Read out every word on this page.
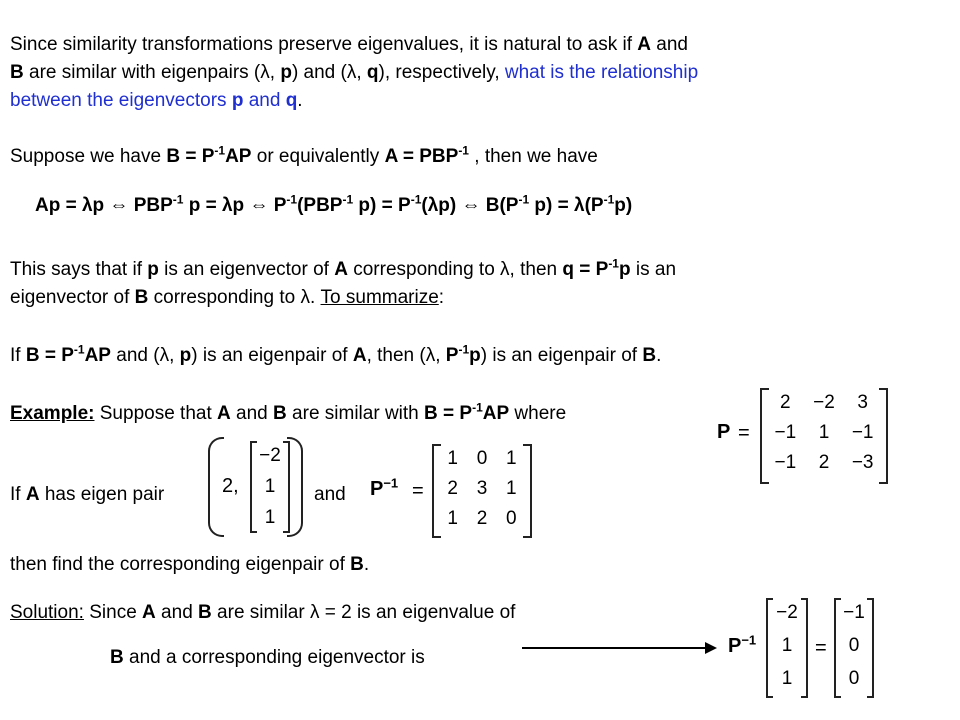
Since similarity transformations preserve eigenvalues, it is natural to ask if A and
B are similar with eigenpairs (λ, p) and (λ, q), respectively, what is the relationship
between the eigenvectors p and q.
Suppose we have $B = P^{-1}AP$ or equivalently $A = PBP^{-1}$ , then we have
Ap = λp ⇔ $PBP^{-1}$ p = λp ⇔ $P^{-1}(PBP^{-1}$ $p) = P^{-1}(\lambda p)$ ⇔ $B(P^{-1}$ $p) = \lambda(P^{-1}p)$
This says that if p is an eigenvector of A corresponding to λ, then $q = P^{-1}p$ is an
eigenvector of B corresponding to λ. To summarize:
If $B = P^{-1}AP$ and (λ, p) is an eigenpair of A, then (λ, $P^{-1}p$) is an eigenpair of B.
Example: Suppose that A and B are similar with $B = P^{-1}AP$ where
P =
2	−2	3
−1	1	−1
−1	2	−3
If A has eigen pair	2,
−2
1
1
and $P^{-1}$ =
1 0 1
2 3 1
1 2 0
then find the corresponding eigenpair of B.
Solution: Since A and B are similar λ = 2 is an eigenvalue of
B and a corresponding eigenvector is
$P^{-1}$
−2
1
1
=
−1
0
0
